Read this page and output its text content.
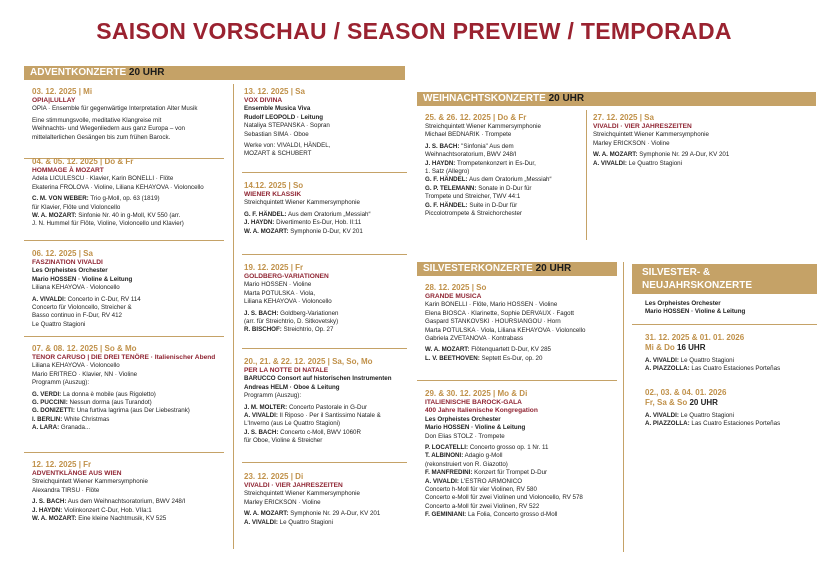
SAISON VORSCHAU / SEASON PREVIEW / TEMPORADA
ADVENTKONZERTE 20 UHR
WEIHNACHTSKONZERTE 20 UHR
SILVESTERKONZERTE 20 UHR	SILVESTER- & NEUJAHRSKONZERTE
03. 12. 2025 | Mi
OPIA|LULLAY
OPIA · Ensemble für gegenwärtige Interpretation Alter Musik
Eine stimmungsvolle, meditative Klangreise mit
Weihnachts- und Wiegenliedern aus ganz Europa – von
mittelalterlichen Gesängen bis zum frühen Barock.
04. & 05. 12. 2025 | Do & Fr
HOMMAGE À MOZART
Adela LICULESCU · Klavier, Karin BONELLI · Flöte
Ekaterina FROLOVA · Violine, Liliana KEHAYOVA · Violoncello
C. M. VON WEBER: Trio g-Moll, op. 63 (1819)
für Klavier, Flöte und Violoncello
W. A. MOZART: Sinfonie Nr. 40 in g-Moll, KV 550 (arr.
J. N. Hummel für Flöte, Violine, Violoncello und Klavier)
06. 12. 2025 | Sa
FASZINATION VIVALDI
Les Orpheistes Orchester
Mario HOSSEN · Violine & Leitung
Liliana KEHAYOVA · Violoncello
A. VIVALDI: Concerto in C-Dur, RV 114
Concerto für Violoncello, Streicher &
Basso continuo in F-Dur, RV 412
Le Quattro Stagioni
07. & 08. 12. 2025 | So & Mo
TENOR CARUSO | DIE DREI TENÖRE · Italienischer Abend
Liliana KEHAYOVA · Violoncello
Mario ERITREO · Klavier, NN · Violine
Programm (Auszug):
G. VERDI: La donna è mobile (aus Rigoletto)
G. PUCCINI: Nessun dorma (aus Turandot)
G. DONIZETTI: Una furtiva lagrima (aus Der Liebestrank)
I. BERLIN: White Christmas
A. LARA: Granada...
12. 12. 2025 | Fr
ADVENTKLÄNGE AUS WIEN
Streichquintett Wiener Kammersymphonie
Alexandra TIRSU · Flöte
J. S. BACH: Aus dem Weihnachtsoratorium, BWV 248/I
J. HAYDN: Violinkonzert C-Dur, Hob. VIIa:1
W. A. MOZART: Eine kleine Nachtmusik, KV 525
13. 12. 2025 | Sa
VOX DIVINA
Ensemble Musica Viva
Rudolf LEOPOLD · Leitung
Nataliya STEPANSKA · Sopran
Sebastian SIMA · Oboe
Werke von: VIVALDI, HÄNDEL,
MOZART & SCHUBERT
14.12. 2025 | So
WIENER KLASSIK
Streichquintett Wiener Kammersymphonie
G. F. HÄNDEL: Aus dem Oratorium „Messiah“
J. HAYDN: Divertimento Es-Dur, Hob. II:11
W. A. MOZART: Symphonie D-Dur, KV 201
19. 12. 2025 | Fr
GOLDBERG-VARIATIONEN
Mario HOSSEN · Violine
Marta POTULSKA · Viola,
Liliana KEHAYOVA · Violoncello
J. S. BACH: Goldberg-Variationen
(arr. für Streichtrio, D. Sitkovetsky)
R. BISCHOF: Streichtrio, Op. 27
20., 21. & 22. 12. 2025 | Sa, So, Mo
PER LA NOTTE DI NATALE
BARUCCO Consort auf historischen Instrumenten
Andreas HELM · Oboe & Leitung
Programm (Auszug):
J. M. MOLTER: Concerto Pastorale in G-Dur
A. VIVALDI: Il Riposo · Per il Santissimo Natale &
L'Inverno (aus Le Quattro Stagioni)
J. S. BACH: Concerto c-Moll, BWV 1060R
für Oboe, Violine & Streicher
23. 12. 2025 | Di
VIVALDI · VIER JAHRESZEITEN
Streichquintett Wiener Kammersymphonie
Marley ERICKSON · Violine
W. A. MOZART: Symphonie Nr. 29 A-Dur, KV 201
A. VIVALDI: Le Quattro Stagioni
25. & 26. 12. 2025 | Do & Fr
Streichquintett Wiener Kammersymphonie
Michael BEDNARIK · Trompete
J. S. BACH: "Sinfonia" Aus dem
Weihnachtsoratorium, BWV 248/I
J. HAYDN: Trompetenkonzert in Es-Dur,
1. Satz (Allegro)
G. F. HÄNDEL: Aus dem Oratorium „Messiah“
G. P. TELEMANN: Sonate in D-Dur für
Trompete und Streicher, TWV 44:1
G. F. HÄNDEL: Suite in D-Dur für
Piccolotrompete & Streichorchester
27. 12. 2025 | Sa
VIVALDI · VIER JAHRESZEITEN
Streichquintett Wiener Kammersymphonie
Marley ERICKSON · Violine
W. A. MOZART: Symphonie Nr. 29 A-Dur, KV 201
A. VIVALDI: Le Quattro Stagioni
28. 12. 2025 | So
GRANDE MUSICA
Karin BONELLI · Flöte, Mario HOSSEN · Violine
Elena BIOSCA · Klarinette, Sophie DERVAUX · Fagott
Gaspard STANKOVSKI · HOURSIANGOU · Horn
Marta POTULSKA · Viola, Liliana KEHAYOVA · Violoncello
Gabriela ZVETANOVA · Kontrabass
W. A. MOZART: Flötenquartett D-Dur, KV 285
L. V. BEETHOVEN: Septett Es-Dur, op. 20
29. & 30. 12. 2025 | Mo & Di
ITALIENISCHE BAROCK-GALA
400 Jahre Italienische Kongregation
Les Orpheistes Orchester
Mario HOSSEN · Violine & Leitung
Don Elias STOLZ · Trompete
P. LOCATELLI: Concerto grosso op. 1 Nr. 11
T. ALBINONI: Adagio g-Moll
(rekonstruiert von R. Giazotto)
F. MANFREDINI: Konzert für Trompet D-Dur
A. VIVALDI: L'ESTRO ARMONICO
Concerto h-Moll für vier Violinen, RV 580
Concerto e-Moll für zwei Violinen und Violoncello, RV 578
Concerto a-Moll für zwei Violinen, RV 522
F. GEMINIANI: La Folia, Concerto grosso d-Moll
Les Orpheistes Orchester
Mario HOSSEN · Violine & Leitung
31. 12. 2025 & 01. 01. 2026
Mi & Do 16 UHR
A. VIVALDI: Le Quattro Stagioni
A. PIAZZOLLA: Las Cuatro Estaciones Porteñas
02., 03. & 04. 01. 2026
Fr, Sa & So 20 UHR
A. VIVALDI: Le Quattro Stagioni
A. PIAZZOLLA: Las Cuatro Estaciones Porteñas
